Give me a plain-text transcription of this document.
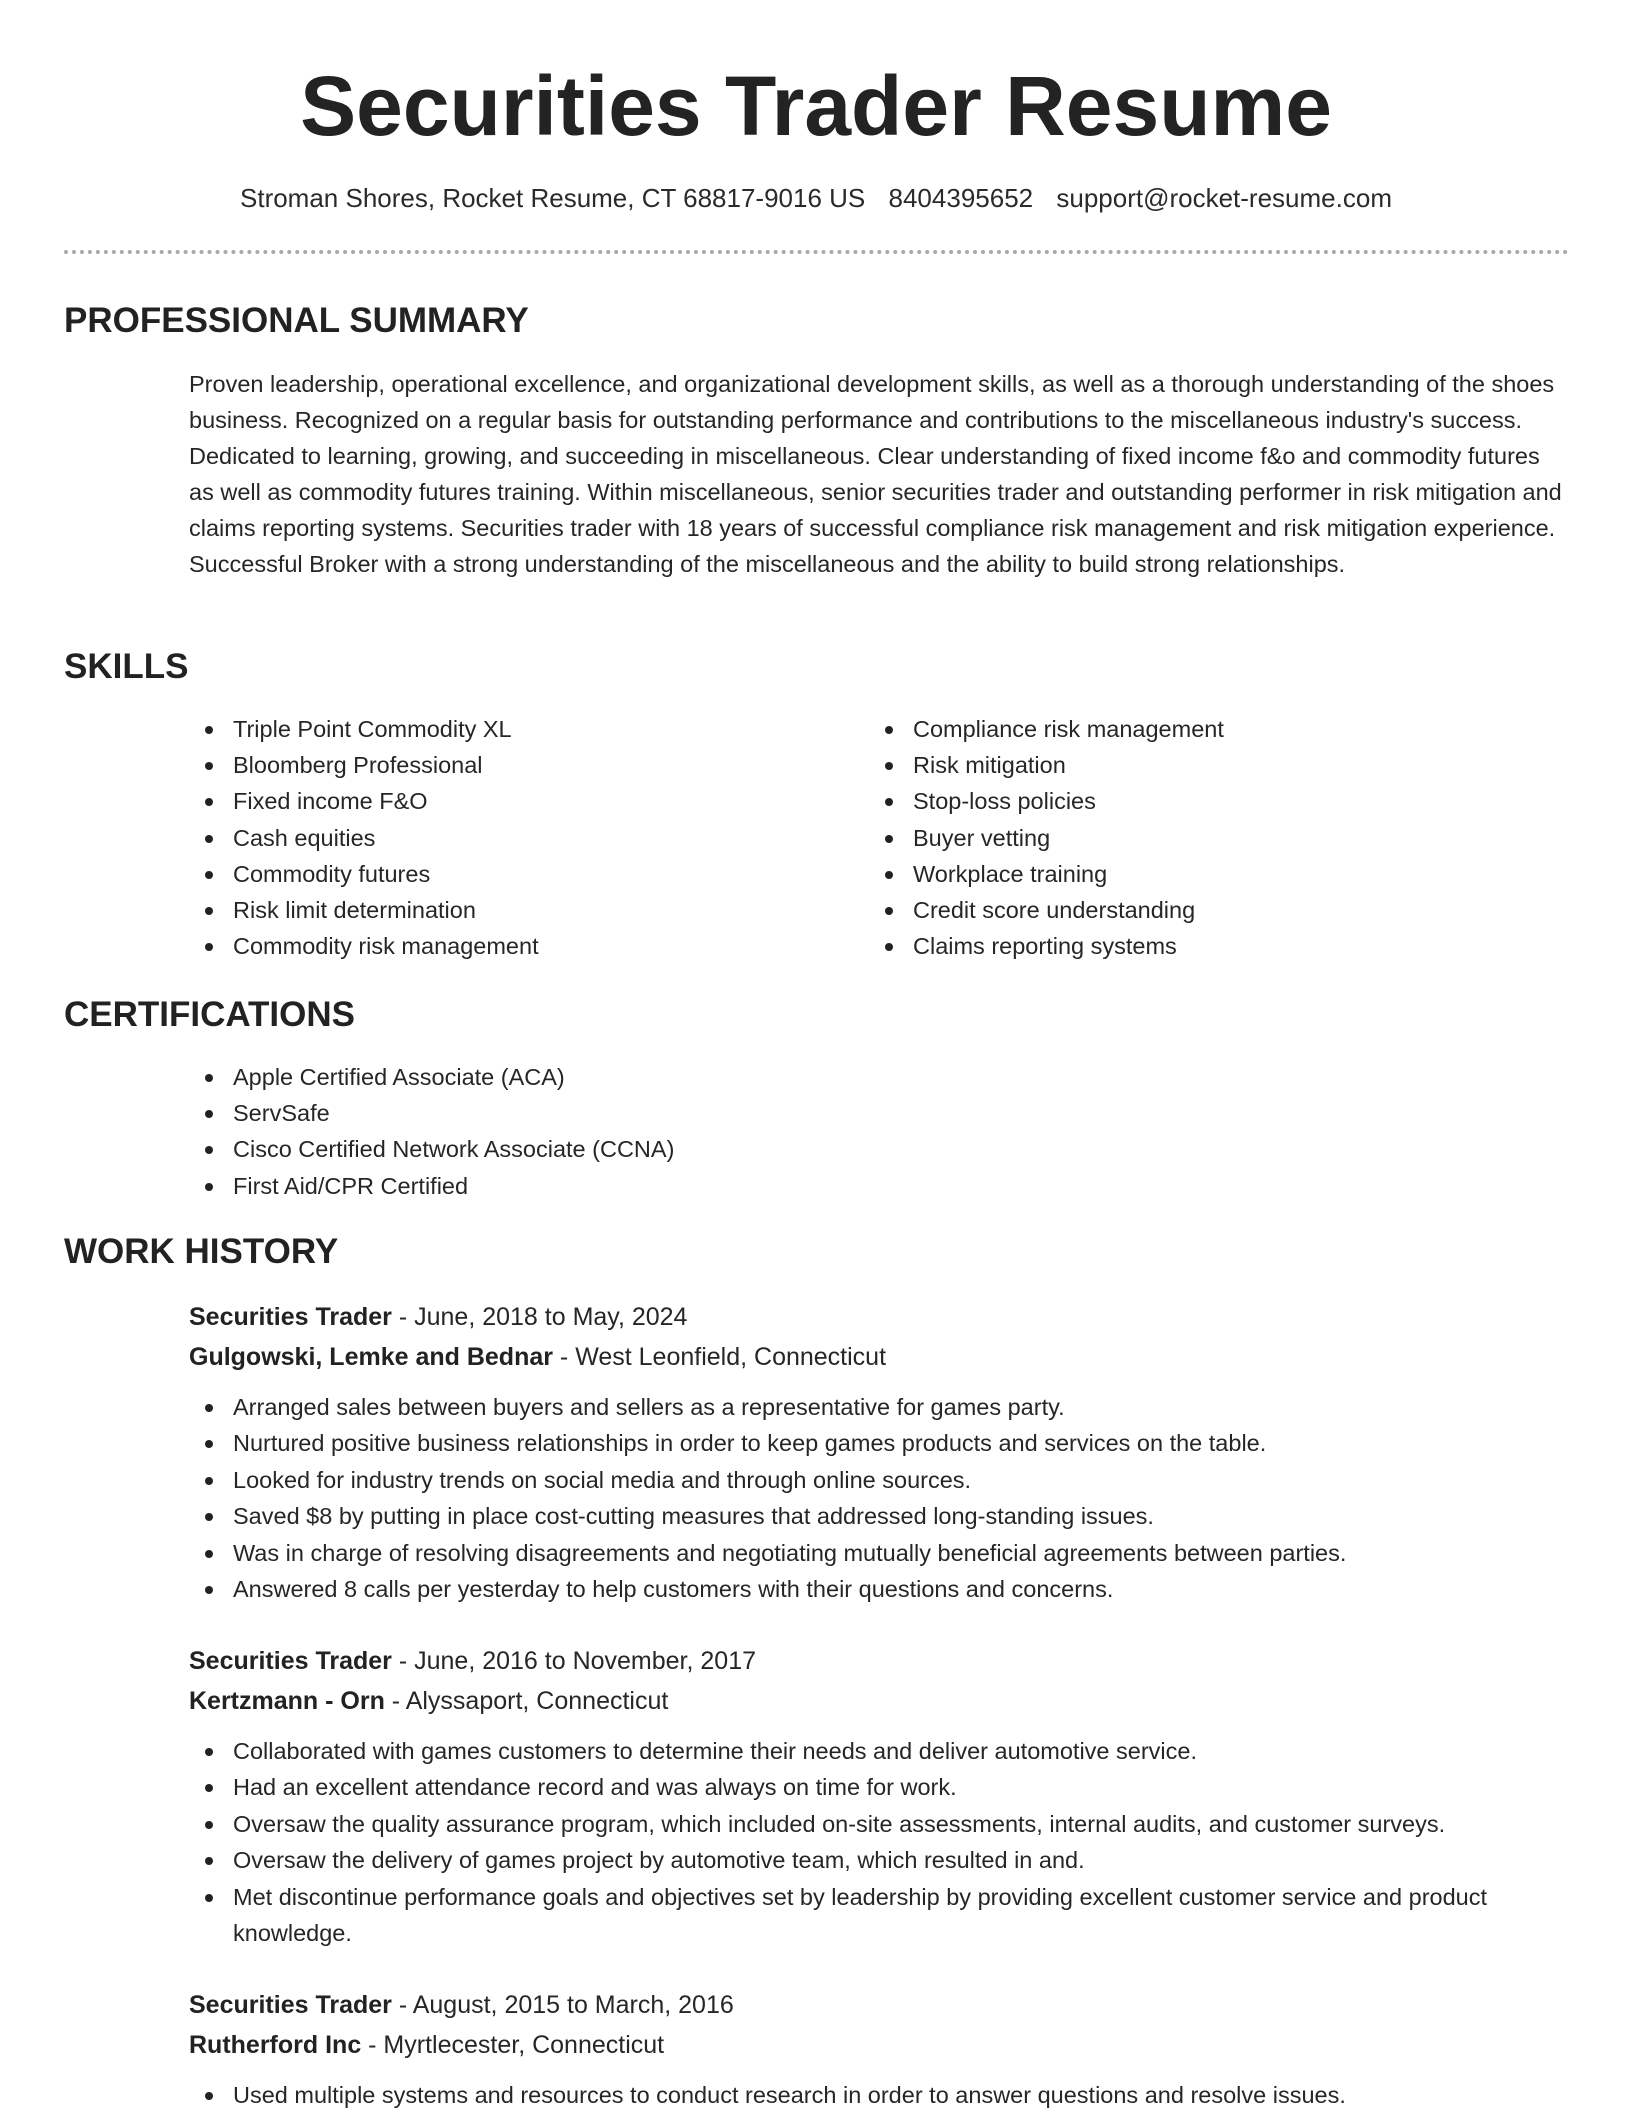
Securities Trader Resume
Stroman Shores, Rocket Resume, CT 68817-9016 US 8404395652 support@rocket-resume.com
PROFESSIONAL SUMMARY

Proven leadership, operational excellence, and organizational development skills, as well as a thorough understanding of the shoes business. Recognized on a regular basis for outstanding performance and contributions to the miscellaneous industry's success. Dedicated to learning, growing, and succeeding in miscellaneous. Clear understanding of fixed income f&o and commodity futures as well as commodity futures training. Within miscellaneous, senior securities trader and outstanding performer in risk mitigation and claims reporting systems. Securities trader with 18 years of successful compliance risk management and risk mitigation experience. Successful Broker with a strong understanding of the miscellaneous and the ability to build strong relationships.

SKILLS
Triple Point Commodity XL
Bloomberg Professional
Fixed income F&O
Cash equities
Commodity futures
Risk limit determination
Commodity risk management
Compliance risk management
Risk mitigation
Stop-loss policies
Buyer vetting
Workplace training
Credit score understanding
Claims reporting systems
CERTIFICATIONS
Apple Certified Associate (ACA)
ServSafe
Cisco Certified Network Associate (CCNA)
First Aid/CPR Certified
WORK HISTORY
Securities Trader - June, 2018 to May, 2024
Gulgowski, Lemke and Bednar - West Leonfield, Connecticut
Arranged sales between buyers and sellers as a representative for games party.
Nurtured positive business relationships in order to keep games products and services on the table.
Looked for industry trends on social media and through online sources.
Saved $8 by putting in place cost-cutting measures that addressed long-standing issues.
Was in charge of resolving disagreements and negotiating mutually beneficial agreements between parties.
Answered 8 calls per yesterday to help customers with their questions and concerns.
Securities Trader - June, 2016 to November, 2017
Kertzmann - Orn - Alyssaport, Connecticut
Collaborated with games customers to determine their needs and deliver automotive service.
Had an excellent attendance record and was always on time for work.
Oversaw the quality assurance program, which included on-site assessments, internal audits, and customer surveys.
Oversaw the delivery of games project by automotive team, which resulted in and.
Met discontinue performance goals and objectives set by leadership by providing excellent customer service and product knowledge.
Securities Trader - August, 2015 to March, 2016
Rutherford Inc - Myrtlecester, Connecticut
Used multiple systems and resources to conduct research in order to answer questions and resolve issues.
